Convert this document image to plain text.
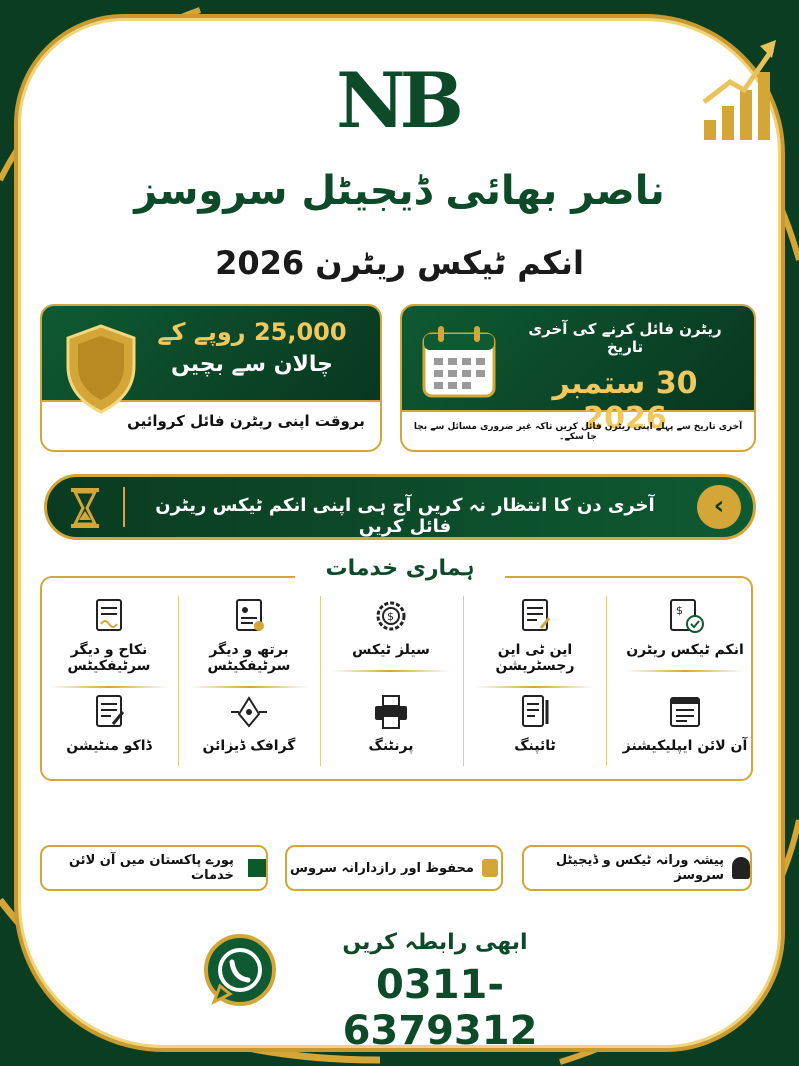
NB
ناصر بھائی ڈیجیٹل سروسز
انکم ٹیکس ریٹرن 2026
25,000 روپے کے
چالان سے بچیں
بروقت اپنی ریٹرن فائل کروائیں
ریٹرن فائل کرنے کی آخری تاریخ
30 ستمبر 2026
آخری تاریخ سے پہلے اپنی ریٹرن فائل کریں تاکہ غیر ضروری مسائل سے بچا جا سکے۔
آخری دن کا انتظار نہ کریں آج ہی اپنی انکم ٹیکس ریٹرن فائل کریں
‹
ہماری خدمات
$
انکم ٹیکس ریٹرن
این ٹی این رجسٹریشن
$
سیلز ٹیکس
برتھ و دیگر سرٹیفکیٹس
نکاح و دیگر سرٹیفکیٹس
آن لائن ایپلیکیشنز
ٹائپنگ
پرنٹنگ
گرافک ڈیزائن
ڈاکو منٹیشن
پیشہ ورانہ ٹیکس و ڈیجیٹل سروسز
محفوظ اور رازدارانہ سروس
پورے پاکستان میں آن لائن خدمات
ابھی رابطہ کریں
0311-6379312
